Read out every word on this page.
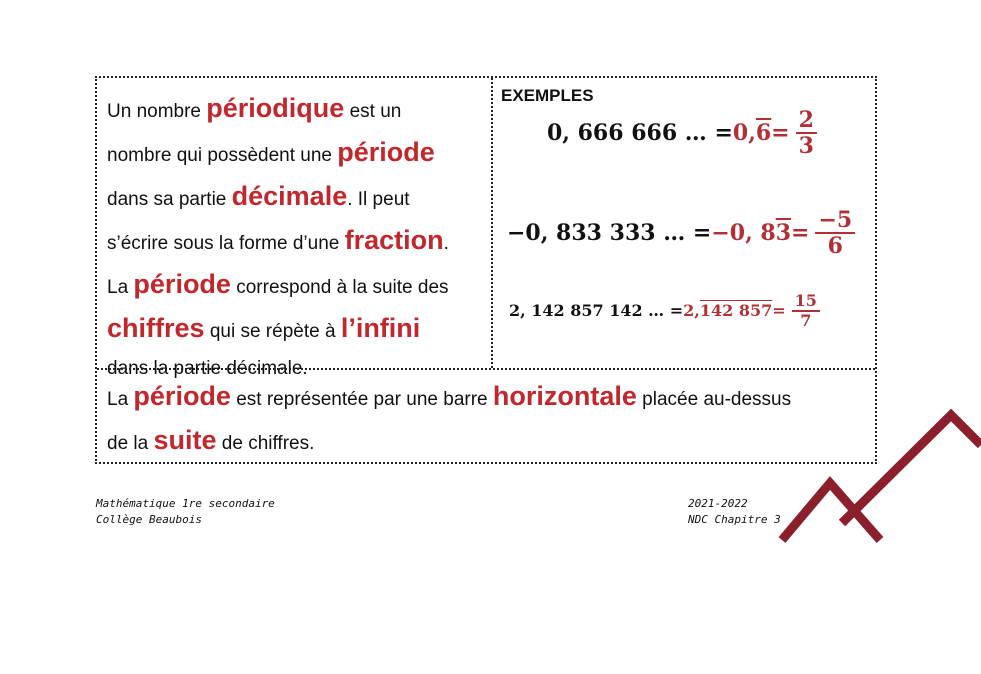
Un nombre périodique est un
nombre qui possèdent une période
dans sa partie décimale. Il peut
s’écrire sous la forme d’une fraction.
La période correspond à la suite des
chiffres qui se répète à l’infini
dans la partie décimale.
EXEMPLES
0, 666 666 … = 0, $6 = \frac{2}{3}$
−0, 833 333 … = −0, 8 $3 = \frac{-5}{6}$
2, 142 857 142 … = 2, 142 $857 = \frac{15}{7}$
La période est représentée par une barre horizontale placée au-dessus
de la suite de chiffres.
Mathématique 1re secondaire
Collège Beaubois
2021-2022
NDC Chapitre 3
